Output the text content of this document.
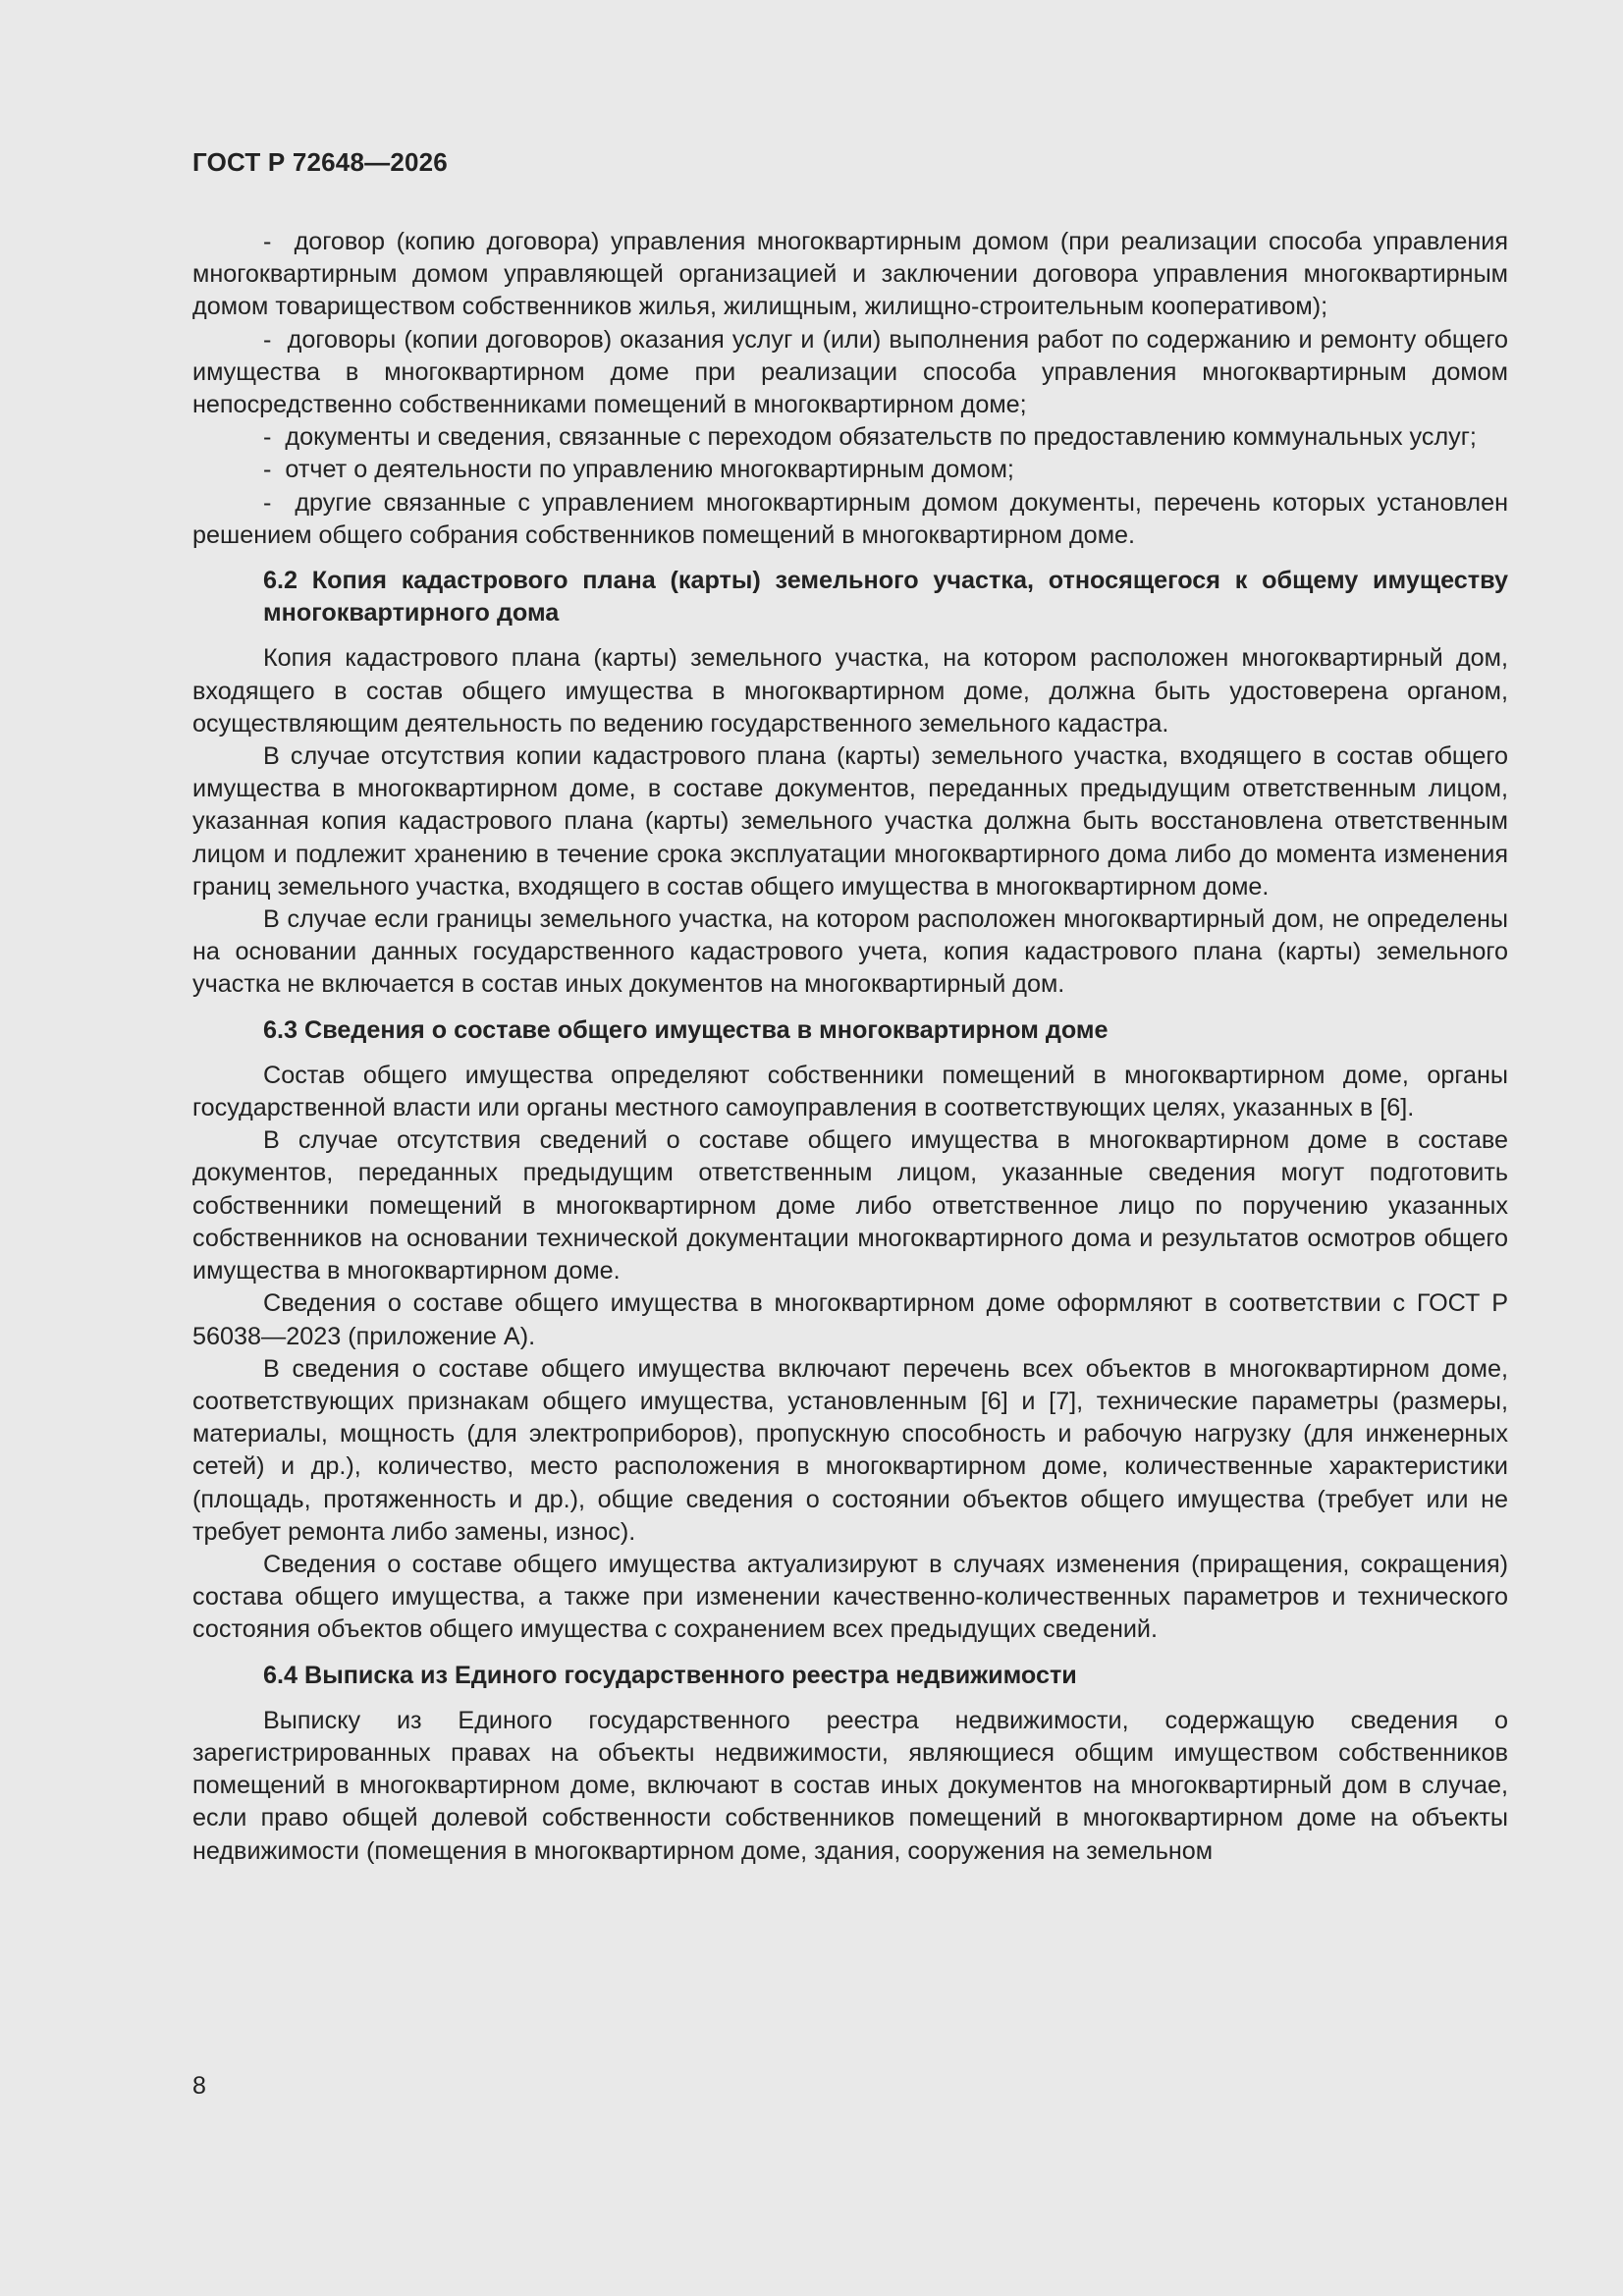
ГОСТ Р 72648—2026

-  договор (копию договора) управления многоквартирным домом (при реализации способа управления многоквартирным домом управляющей организацией и заключении договора управления многоквартирным домом товариществом собственников жилья, жилищным, жилищно-строительным кооперативом);

-  договоры (копии договоров) оказания услуг и (или) выполнения работ по содержанию и ремонту общего имущества в многоквартирном доме при реализации способа управления многоквартирным домом непосредственно собственниками помещений в многоквартирном доме;

-  документы и сведения, связанные с переходом обязательств по предоставлению коммунальных услуг;

-  отчет о деятельности по управлению многоквартирным домом;

-  другие связанные с управлением многоквартирным домом документы, перечень которых установлен решением общего собрания собственников помещений в многоквартирном доме.

6.2 Копия кадастрового плана (карты) земельного участка, относящегося к общему имуществу многоквартирного дома

Копия кадастрового плана (карты) земельного участка, на котором расположен многоквартирный дом, входящего в состав общего имущества в многоквартирном доме, должна быть удостоверена органом, осуществляющим деятельность по ведению государственного земельного кадастра.

В случае отсутствия копии кадастрового плана (карты) земельного участка, входящего в состав общего имущества в многоквартирном доме, в составе документов, переданных предыдущим ответственным лицом, указанная копия кадастрового плана (карты) земельного участка должна быть восстановлена ответственным лицом и подлежит хранению в течение срока эксплуатации многоквартирного дома либо до момента изменения границ земельного участка, входящего в состав общего имущества в многоквартирном доме.

В случае если границы земельного участка, на котором расположен многоквартирный дом, не определены на основании данных государственного кадастрового учета, копия кадастрового плана (карты) земельного участка не включается в состав иных документов на многоквартирный дом.

6.3 Сведения о составе общего имущества в многоквартирном доме

Состав общего имущества определяют собственники помещений в многоквартирном доме, органы государственной власти или органы местного самоуправления в соответствующих целях, указанных в [6].

В случае отсутствия сведений о составе общего имущества в многоквартирном доме в составе документов, переданных предыдущим ответственным лицом, указанные сведения могут подготовить собственники помещений в многоквартирном доме либо ответственное лицо по поручению указанных собственников на основании технической документации многоквартирного дома и результатов осмотров общего имущества в многоквартирном доме.

Сведения о составе общего имущества в многоквартирном доме оформляют в соответствии с ГОСТ Р 56038—2023 (приложение А).

В сведения о составе общего имущества включают перечень всех объектов в многоквартирном доме, соответствующих признакам общего имущества, установленным [6] и [7], технические параметры (размеры, материалы, мощность (для электроприборов), пропускную способность и рабочую нагрузку (для инженерных сетей) и др.), количество, место расположения в многоквартирном доме, количественные характеристики (площадь, протяженность и др.), общие сведения о состоянии объектов общего имущества (требует или не требует ремонта либо замены, износ).

Сведения о составе общего имущества актуализируют в случаях изменения (приращения, сокращения) состава общего имущества, а также при изменении качественно-количественных параметров и технического состояния объектов общего имущества с сохранением всех предыдущих сведений.

6.4 Выписка из Единого государственного реестра недвижимости

Выписку из Единого государственного реестра недвижимости, содержащую сведения о зарегистрированных правах на объекты недвижимости, являющиеся общим имуществом собственников помещений в многоквартирном доме, включают в состав иных документов на многоквартирный дом в случае, если право общей долевой собственности собственников помещений в многоквартирном доме на объекты недвижимости (помещения в многоквартирном доме, здания, сооружения на земельном

8
